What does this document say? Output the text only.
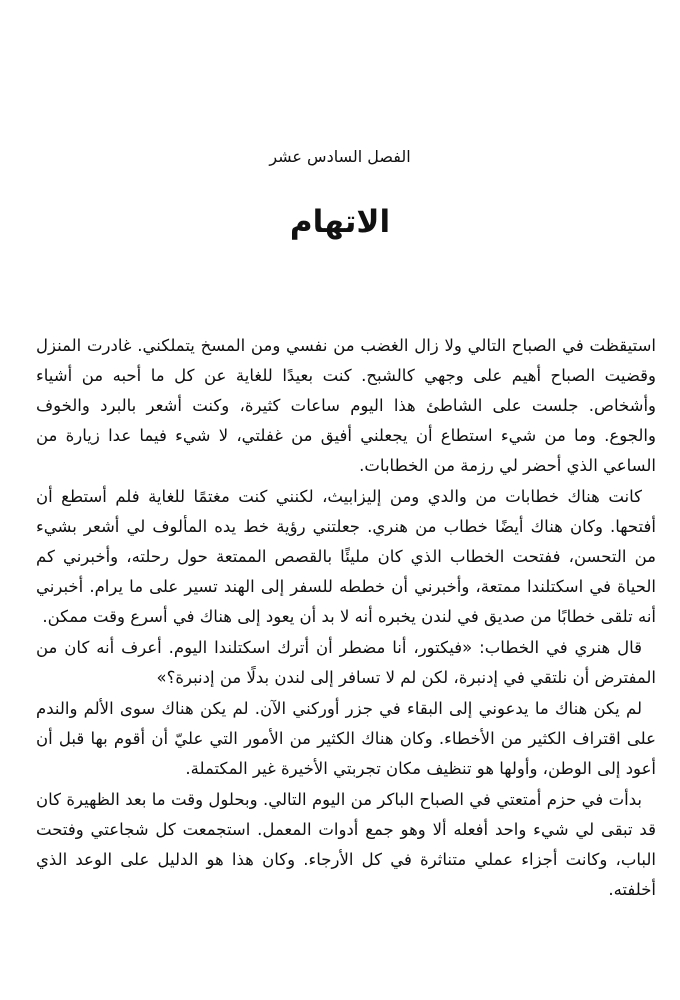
الفصل السادس عشر
الاتهام

استيقظت في الصباح التالي ولا زال الغضب من نفسي ومن المسخ يتملكني. غادرت المنزل وقضيت الصباح أهيم على وجهي كالشبح. كنت بعيدًا للغاية عن كل ما أحبه من أشياء وأشخاص. جلست على الشاطئ هذا اليوم ساعات كثيرة، وكنت أشعر بالبرد والخوف والجوع. وما من شيء استطاع أن يجعلني أفيق من غفلتي، لا شيء فيما عدا زيارة من الساعي الذي أحضر لي رزمة من الخطابات.

كانت هناك خطابات من والدي ومن إليزابيث، لكنني كنت مغتمًا للغاية فلم أستطع أن أفتحها. وكان هناك أيضًا خطاب من هنري. جعلتني رؤية خط يده المألوف لي أشعر بشيء من التحسن، ففتحت الخطاب الذي كان مليئًا بالقصص الممتعة حول رحلته، وأخبرني كم الحياة في اسكتلندا ممتعة، وأخبرني أن خططه للسفر إلى الهند تسير على ما يرام. أخبرني أنه تلقى خطابًا من صديق في لندن يخبره أنه لا بد أن يعود إلى هناك في أسرع وقت ممكن.

قال هنري في الخطاب: «فيكتور، أنا مضطر أن أترك اسكتلندا اليوم. أعرف أنه كان من المفترض أن نلتقي في إدنبرة، لكن لم لا تسافر إلى لندن بدلًا من إدنبرة؟»

لم يكن هناك ما يدعوني إلى البقاء في جزر أوركني الآن. لم يكن هناك سوى الألم والندم على اقتراف الكثير من الأخطاء. وكان هناك الكثير من الأمور التي عليّ أن أقوم بها قبل أن أعود إلى الوطن، وأولها هو تنظيف مكان تجربتي الأخيرة غير المكتملة.

بدأت في حزم أمتعتي في الصباح الباكر من اليوم التالي. وبحلول وقت ما بعد الظهيرة كان قد تبقى لي شيء واحد أفعله ألا وهو جمع أدوات المعمل. استجمعت كل شجاعتي وفتحت الباب، وكانت أجزاء عملي متناثرة في كل الأرجاء. وكان هذا هو الدليل على الوعد الذي أخلفته.
